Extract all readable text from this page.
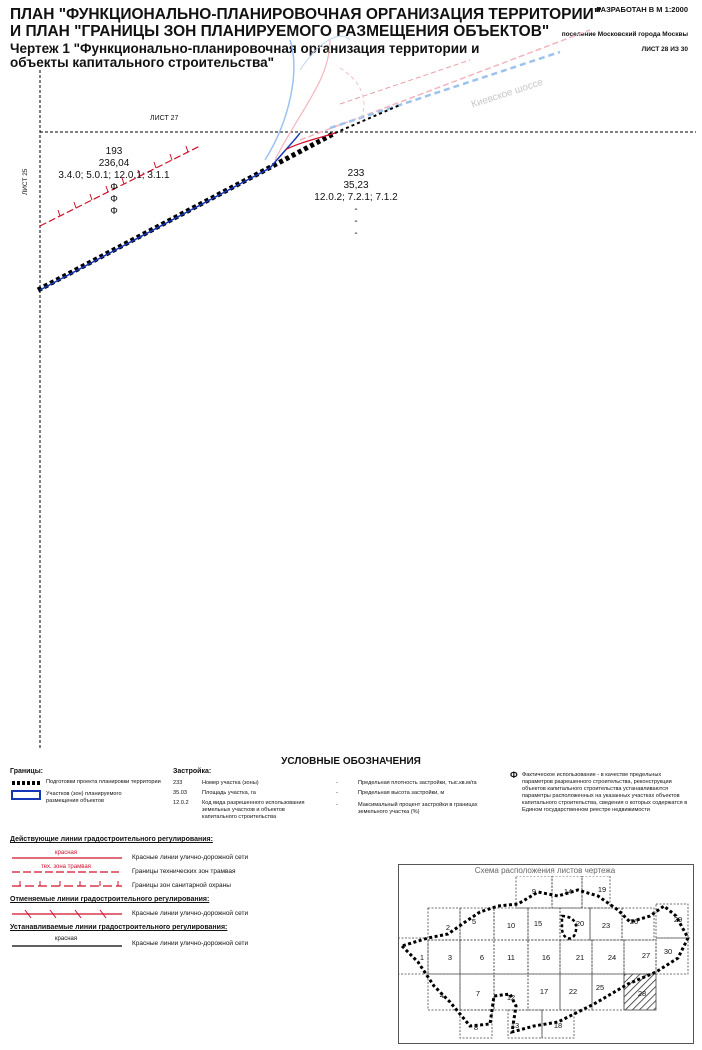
ПЛАН "ФУНКЦИОНАЛЬНО-ПЛАНИРОВОЧНАЯ ОРГАНИЗАЦИЯ ТЕРРИТОРИИ"
И ПЛАН "ГРАНИЦЫ ЗОН ПЛАНИРУЕМОГО РАЗМЕЩЕНИЯ ОБЪЕКТОВ"
Чертеж 1 "Функционально-планировочная организация территории и объекты капитального строительства"
РАЗРАБОТАН В М 1:2000
поселение Московский города Москвы
ЛИСТ 28 ИЗ 30
ЛИСТ 27
ЛИСТ 25
Киевское шоссе
193
236,04
3.4.0; 5.0.1; 12.0.1; 3.1.1
Ф
Ф
Ф
233
35,23
12.0.2; 7.2.1; 7.1.2
-
-
-
УСЛОВНЫЕ ОБОЗНАЧЕНИЯ
Границы:
Подготовки проекта планировки территории
Участков (зон) планируемого размещения объектов
Застройка:
233	Номер участка (зоны)
35.03	Площадь участка, га
12.0.2	Код вида разрешенного использования земельных участков и объектов капитального строительства
-
-
-
Предельная плотность застройки, тыс.кв.м/га
Предельная высота застройки, м
Максимальный процент застройки в границах земельного участка (%)
Ф Фактическое использование - в качестве предельных параметров разрешенного строительства, реконструкции объектов капитального строительства устанавливаются параметры расположенных на указанных участках объектов капитального строительства, сведения о которых содержатся в Едином государственном реестре недвижимости
Действующие линии градостроительного регулирования:
красная
тех. зона трамвая
Красные линии улично-дорожной сети
Границы технических зон трамвая
Границы зон санитарной охраны
Отменяемые линии градостроительного регулирования:
Красные линии улично-дорожной сети
Устанавливаемые линии градостроительного регулирования:
красная
Красные линии улично-дорожной сети
Схема расположения листов чертежа
1
2
3
4
5
6
7
8
9
10
11
12
13
14
15
16
17
18
19
20
21
22
23
24
25
26
27
28
29
30
